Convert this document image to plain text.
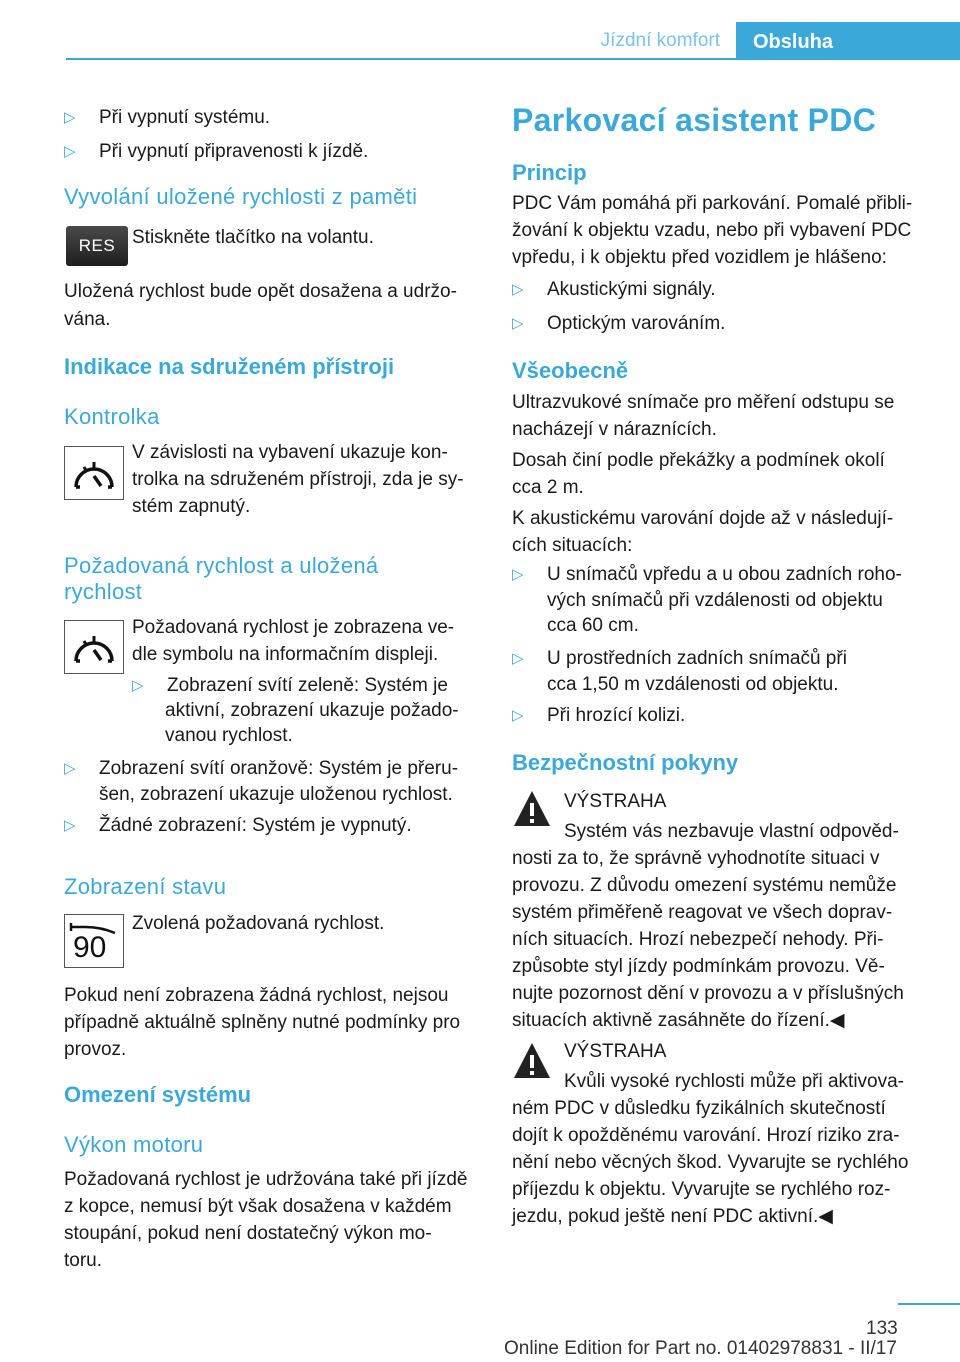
Jízdní komfort	Obsluha
▷ Při vypnutí systému.
▷ Při vypnutí připravenosti k jízdě.
Vyvolání uložené rychlosti z paměti
RES Stiskněte tlačítko na volantu.
Uložená rychlost bude opět dosažena a udržo‐
vána.
Indikace na sdruženém přístroji
Kontrolka
V závislosti na vybavení ukazuje kon‐
trolka na sdruženém přístroji, zda je sy‐
stém zapnutý.
Požadovaná rychlost a uložená
rychlost
Požadovaná rychlost je zobrazena ve‐
dle symbolu na informačním displeji.
▷ Zobrazení svítí zeleně: Systém je
aktivní, zobrazení ukazuje požado‐
vanou rychlost.
▷ Zobrazení svítí oranžově: Systém je přeru‐
šen, zobrazení ukazuje uloženou rychlost.
▷ Žádné zobrazení: Systém je vypnutý.
Zobrazení stavu
90
Zvolená požadovaná rychlost.
Pokud není zobrazena žádná rychlost, nejsou
případně aktuálně splněny nutné podmínky pro
provoz.
Omezení systému
Výkon motoru
Požadovaná rychlost je udržována také při jízdě
z kopce, nemusí být však dosažena v každém
stoupání, pokud není dostatečný výkon mo‐
toru.
Parkovací asistent PDC
Princip
PDC Vám pomáhá při parkování. Pomalé přibli‐
žování k objektu vzadu, nebo při vybavení PDC
vpředu, i k objektu před vozidlem je hlášeno:
▷ Akustickými signály.
▷ Optickým varováním.
Všeobecně
Ultrazvukové snímače pro měření odstupu se
nacházejí v náraznících.
Dosah činí podle překážky a podmínek okolí
cca 2 m.
K akustickému varování dojde až v následují‐
cích situacích:
▷ U snímačů vpředu a u obou zadních roho‐
vých snímačů při vzdálenosti od objektu
cca 60 cm.
▷ U prostředních zadních snímačů při
cca 1,50 m vzdálenosti od objektu.
▷ Při hrozící kolizi.
Bezpečnostní pokyny
VÝSTRAHA
Systém vás nezbavuje vlastní odpověd‐
nosti za to, že správně vyhodnotíte situaci v
provozu. Z důvodu omezení systému nemůže
systém přiměřeně reagovat ve všech doprav‐
ních situacích. Hrozí nebezpečí nehody. Při‐
způsobte styl jízdy podmínkám provozu. Vě‐
nujte pozornost dění v provozu a v příslušných
situacích aktivně zasáhněte do řízení.◀
VÝSTRAHA
Kvůli vysoké rychlosti může při aktivova‐
ném PDC v důsledku fyzikálních skutečností
dojít k opožděnému varování. Hrozí riziko zra‐
nění nebo věcných škod. Vyvarujte se rychlého
příjezdu k objektu. Vyvarujte se rychlého roz‐
jezdu, pokud ještě není PDC aktivní.◀
133
Online Edition for Part no. 01402978831 - II/17
